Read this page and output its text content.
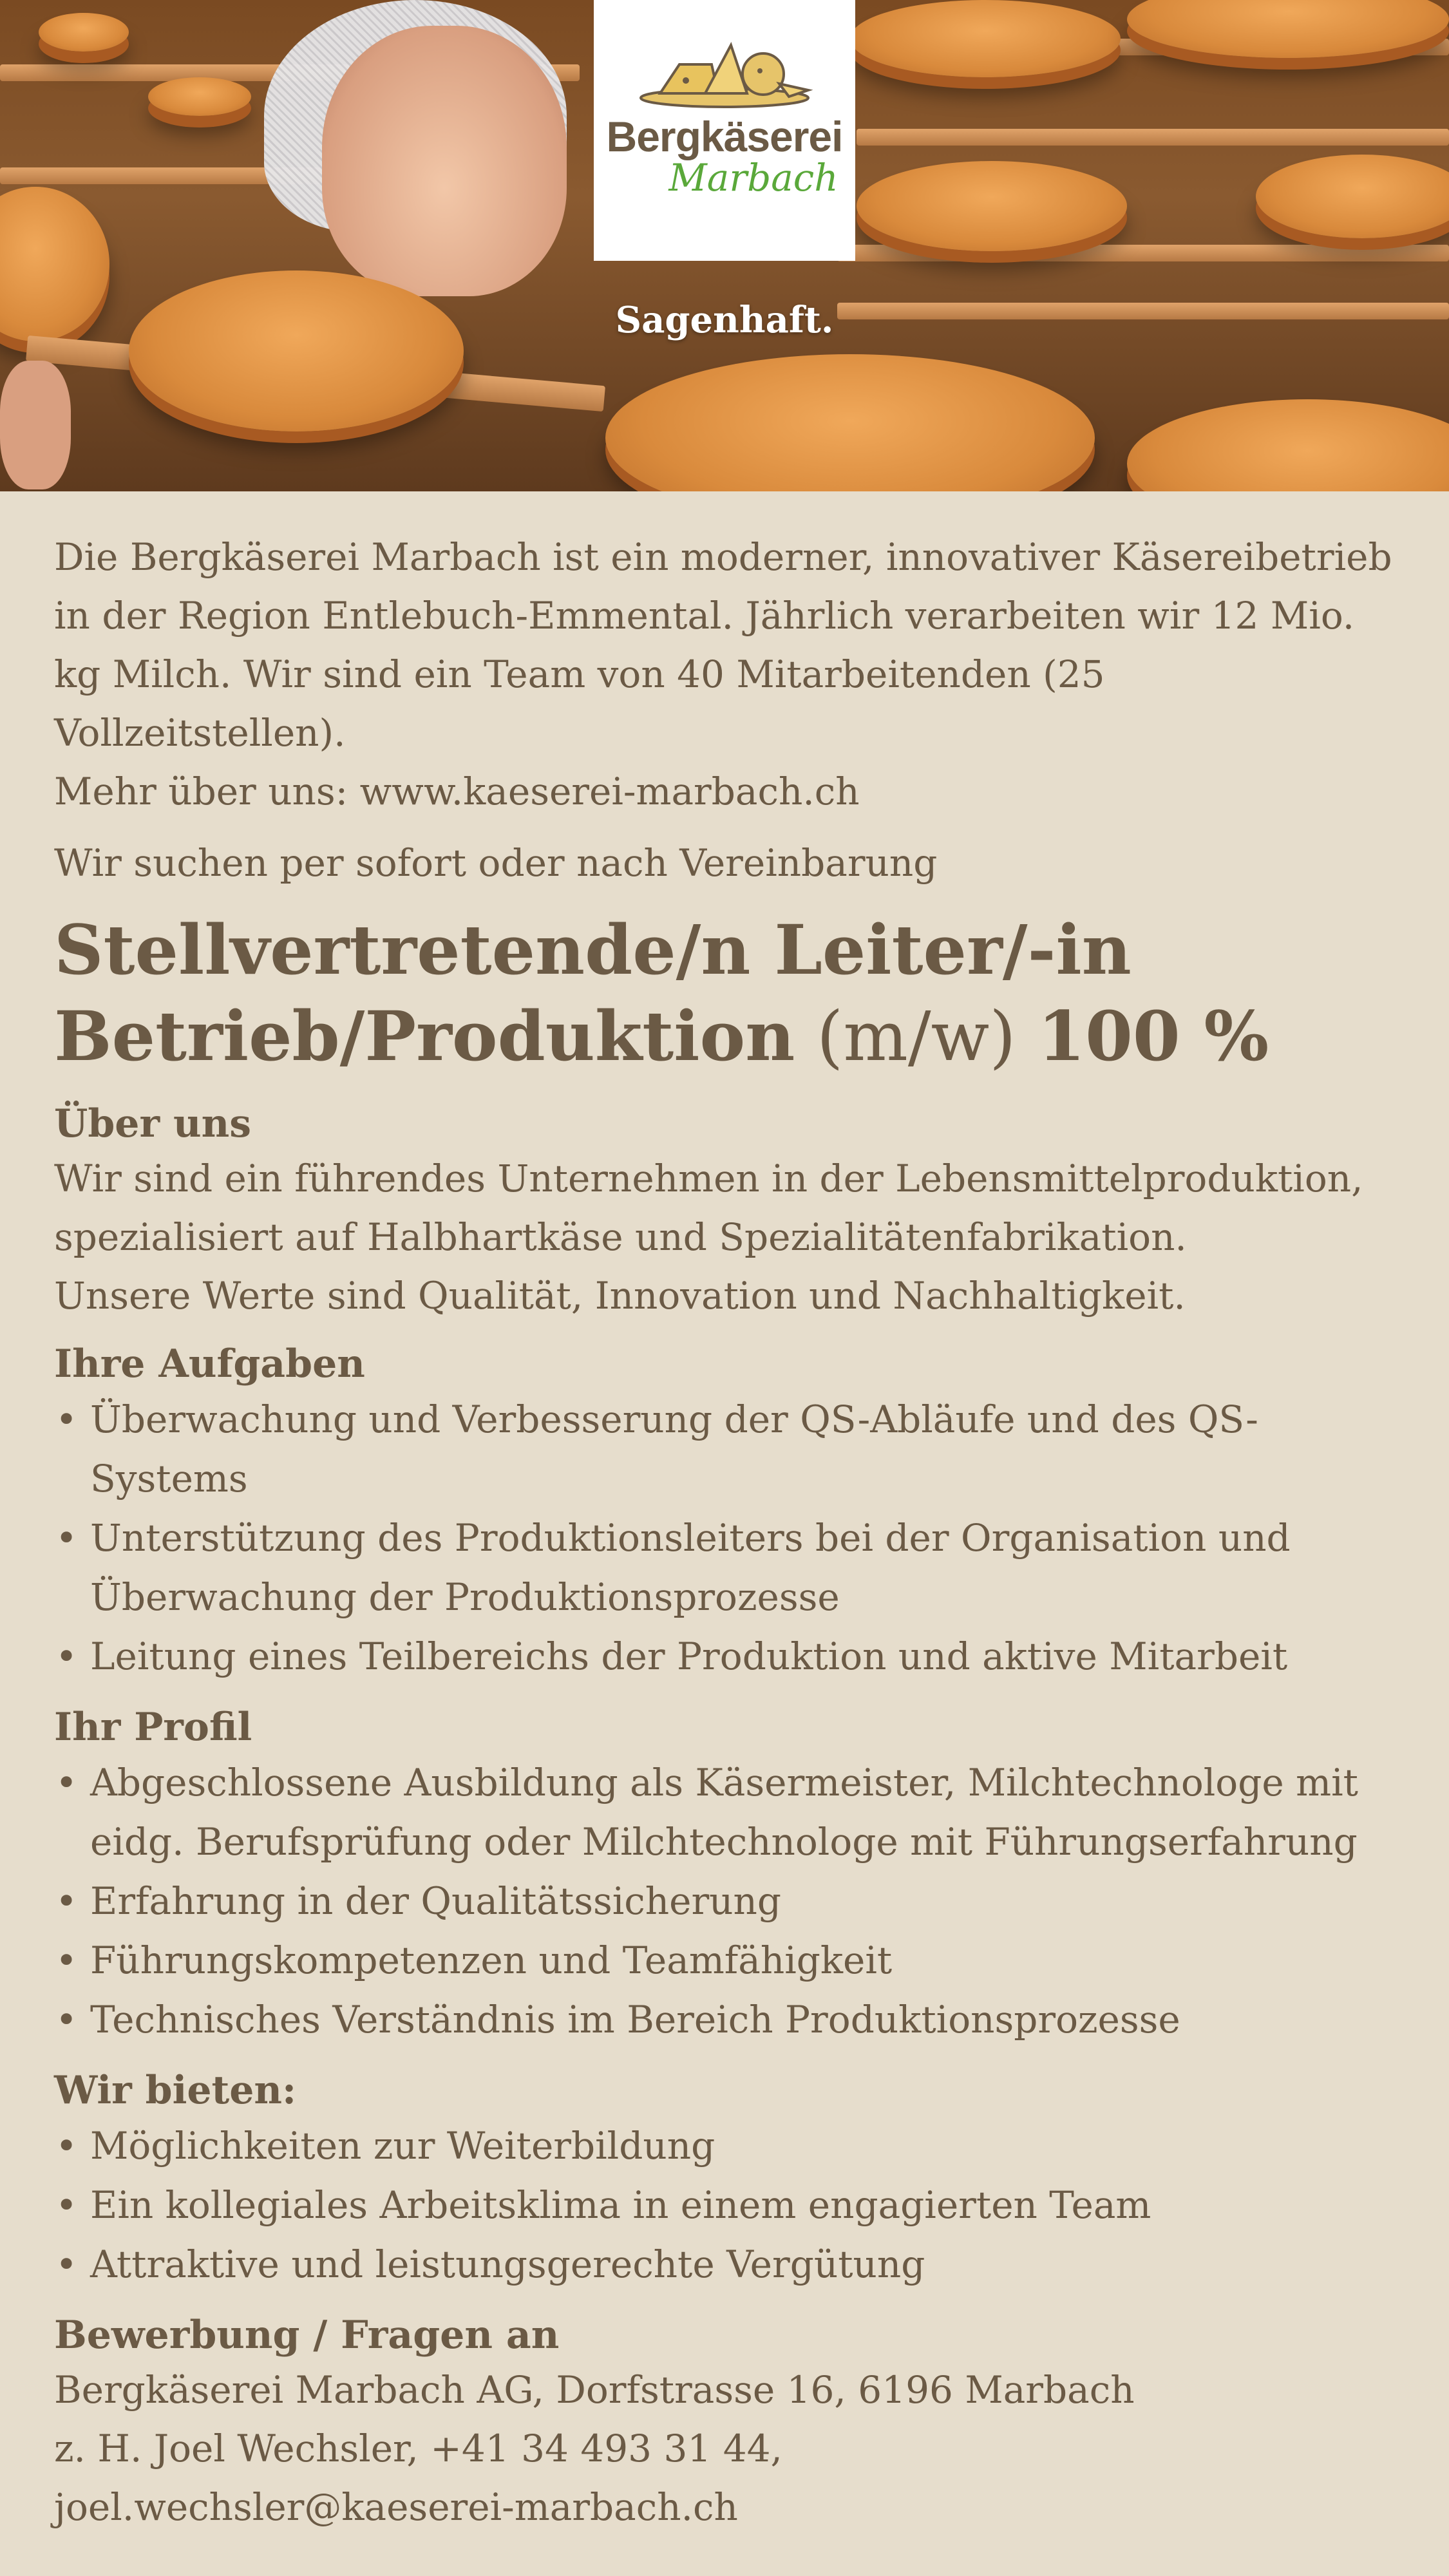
Bergkäserei
Marbach
Sagenhaft.

Die Bergkäserei Marbach ist ein moderner, innovativer Käsereibetrieb in der Region Entlebuch-Emmental. Jährlich verarbeiten wir 12 Mio. kg Milch. Wir sind ein Team von 40 Mitarbeitenden (25 Vollzeitstellen).

Mehr über uns: www.kaeserei-marbach.ch

Wir suchen per sofort oder nach Vereinbarung

Stellvertretende/n Leiter/-in
Betrieb/Produktion (m/w) 100 %
Über uns

Wir sind ein führendes Unternehmen in der Lebensmittelproduktion,

spezialisiert auf Halbhartkäse und Spezialitätenfabrikation.

Unsere Werte sind Qualität, Innovation und Nachhaltigkeit.

Ihre Aufgaben
• Überwachung und Verbesserung der QS-Abläufe und des QS-Systems
• Unterstützung des Produktionsleiters bei der Organisation und Überwachung der Produktionsprozesse
• Leitung eines Teilbereichs der Produktion und aktive Mitarbeit
Ihr Profil
• Abgeschlossene Ausbildung als Käsermeister, Milchtechnologe mit eidg. Berufsprüfung oder Milchtechnologe mit Führungserfahrung
• Erfahrung in der Qualitätssicherung
• Führungskompetenzen und Teamfähigkeit
• Technisches Verständnis im Bereich Produktionsprozesse
Wir bieten:
• Möglichkeiten zur Weiterbildung
• Ein kollegiales Arbeitsklima in einem engagierten Team
• Attraktive und leistungsgerechte Vergütung
Bewerbung / Fragen an

Bergkäserei Marbach AG, Dorfstrasse 16, 6196 Marbach

z. H. Joel Wechsler, +41 34 493 31 44,

joel.wechsler@kaeserei-marbach.ch
